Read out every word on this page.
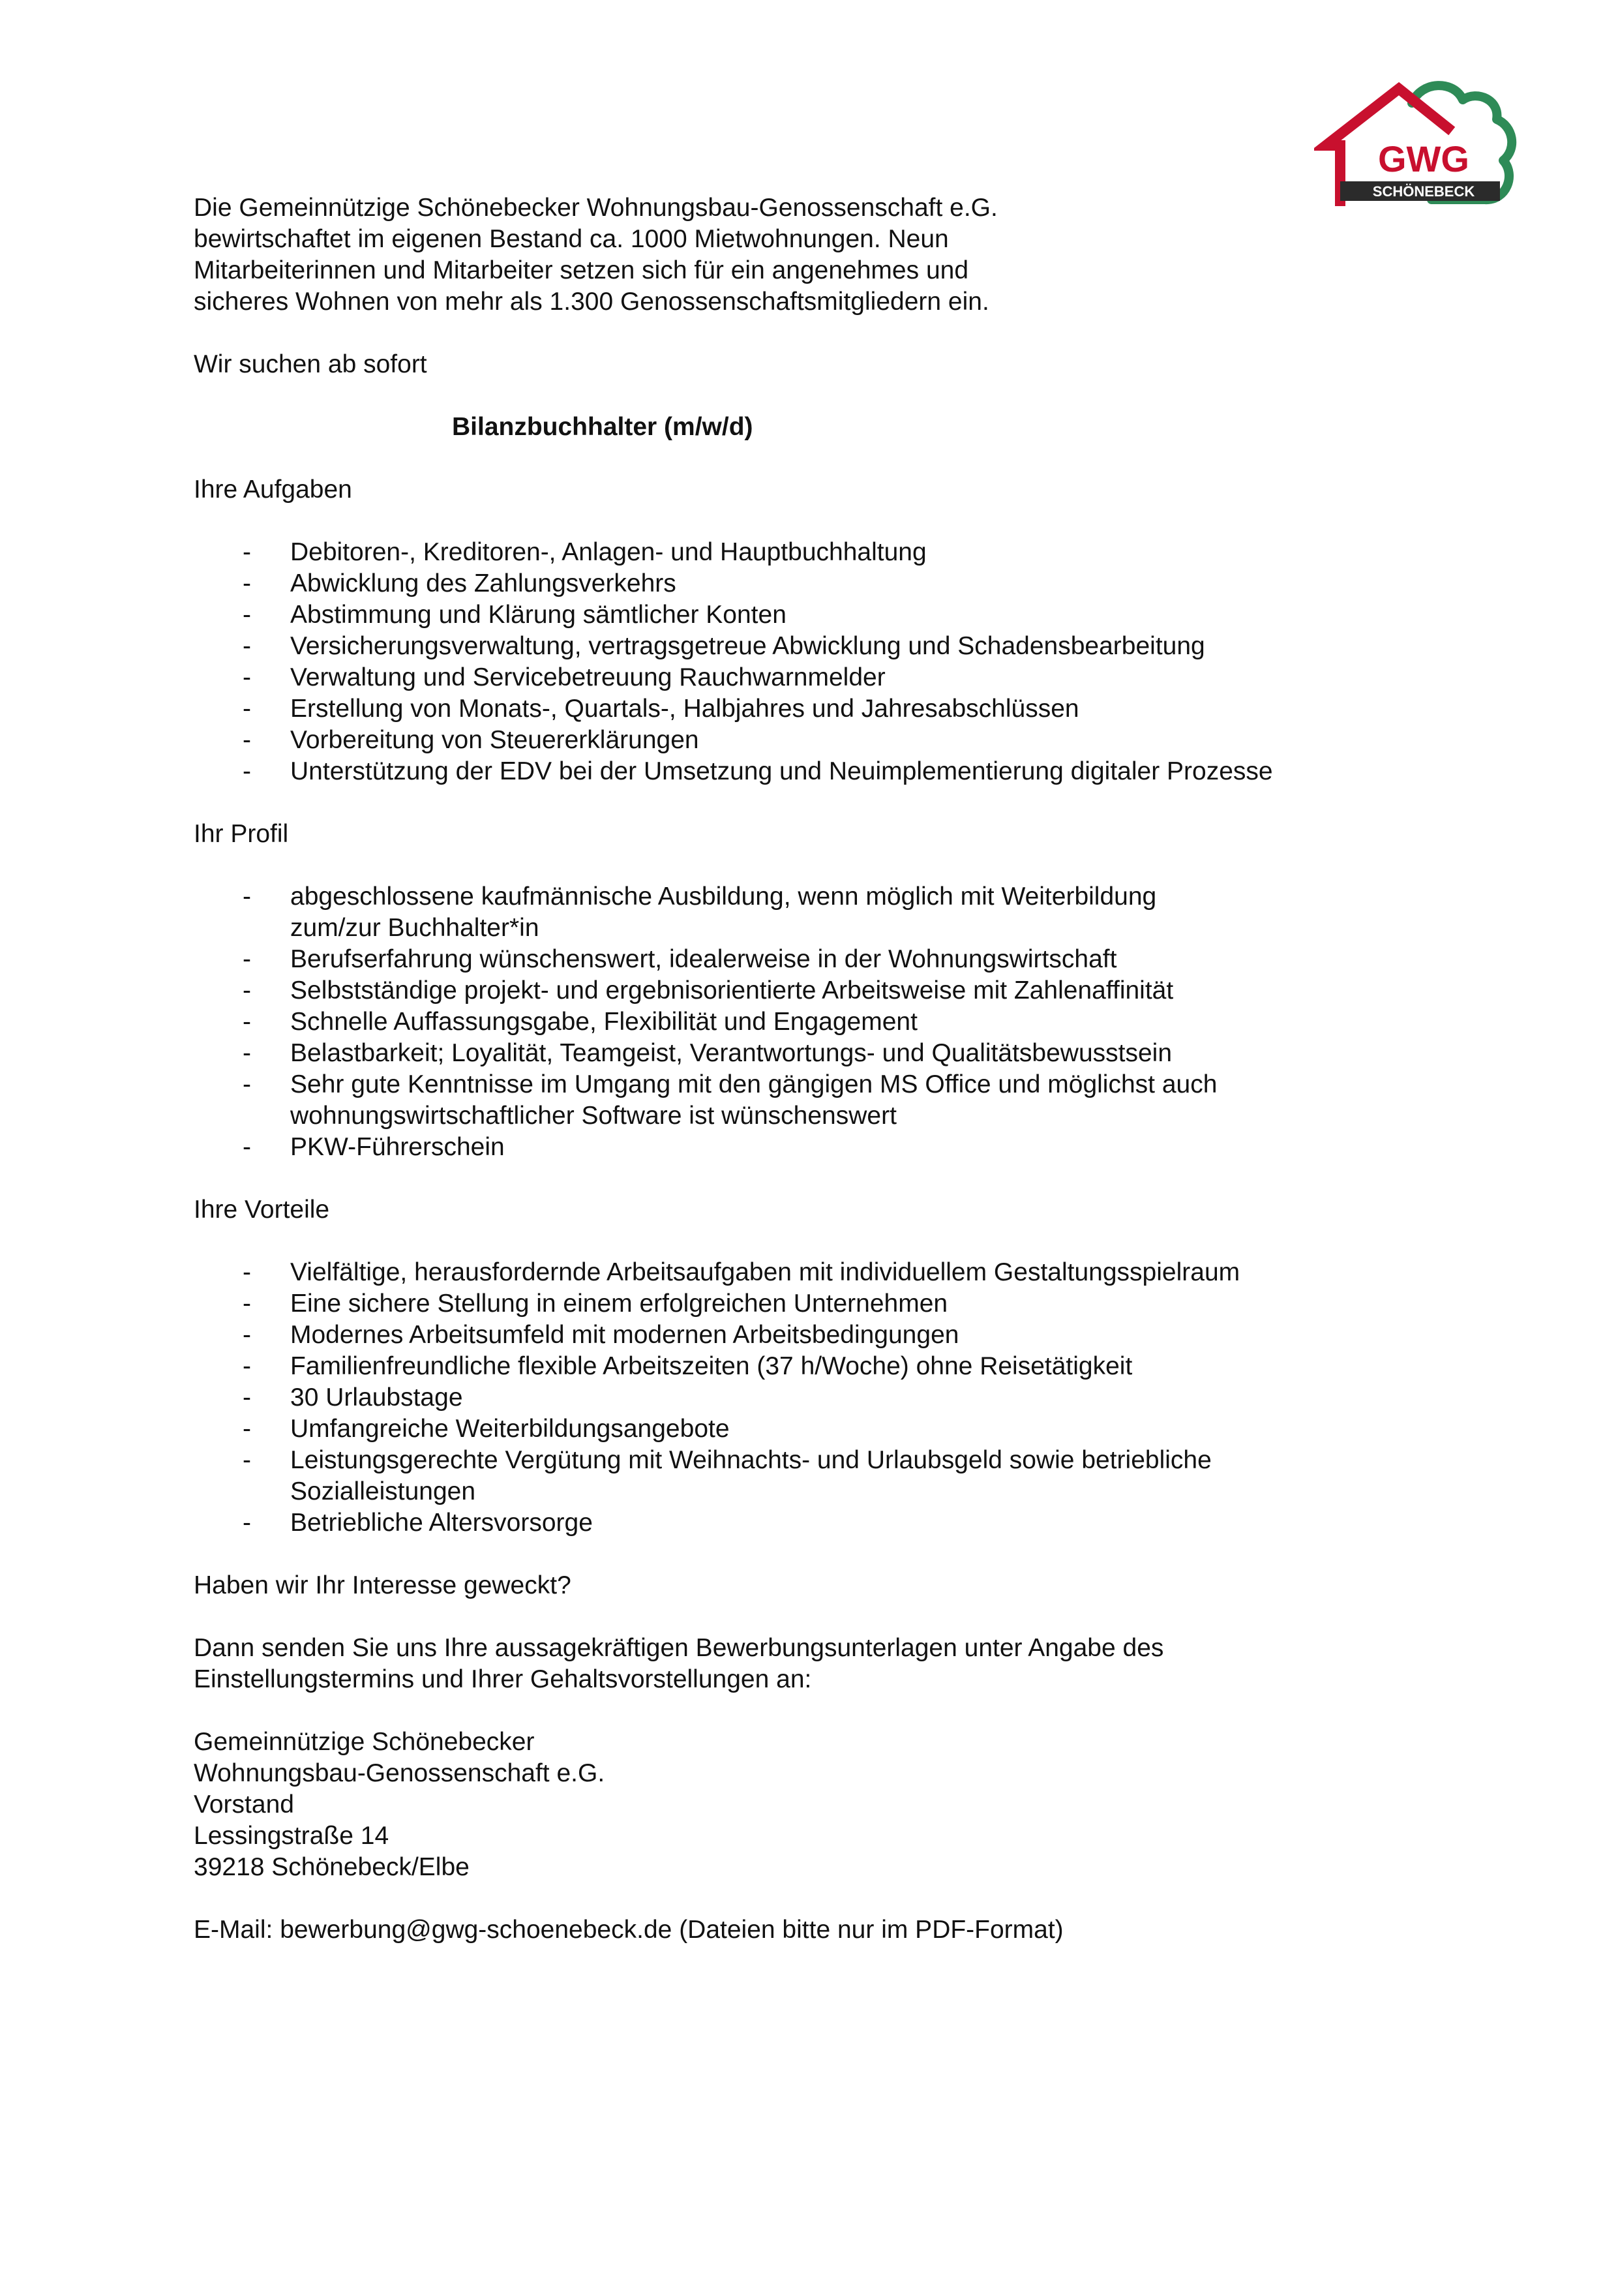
GWG
SCHÖNEBECK

Die Gemeinnützige Schönebecker Wohnungsbau-Genossenschaft e.G.
bewirtschaftet im eigenen Bestand ca. 1000 Mietwohnungen. Neun
Mitarbeiterinnen und Mitarbeiter setzen sich für ein angenehmes und
sicheres Wohnen von mehr als 1.300 Genossenschaftsmitgliedern ein.

Wir suchen ab sofort

Bilanzbuchhalter (m/w/d)

Ihre Aufgaben

- Debitoren-, Kreditoren-, Anlagen- und Hauptbuchhaltung
- Abwicklung des Zahlungsverkehrs
- Abstimmung und Klärung sämtlicher Konten
- Versicherungsverwaltung, vertragsgetreue Abwicklung und Schadensbearbeitung
- Verwaltung und Servicebetreuung Rauchwarnmelder
- Erstellung von Monats-, Quartals-, Halbjahres und Jahresabschlüssen
- Vorbereitung von Steuererklärungen
- Unterstützung der EDV bei der Umsetzung und Neuimplementierung digitaler Prozesse

Ihr Profil

- abgeschlossene kaufmännische Ausbildung, wenn möglich mit Weiterbildung
zum/zur Buchhalter*in
- Berufserfahrung wünschenswert, idealerweise in der Wohnungswirtschaft
- Selbstständige projekt- und ergebnisorientierte Arbeitsweise mit Zahlenaffinität
- Schnelle Auffassungsgabe, Flexibilität und Engagement
- Belastbarkeit; Loyalität, Teamgeist, Verantwortungs- und Qualitätsbewusstsein
- Sehr gute Kenntnisse im Umgang mit den gängigen MS Office und möglichst auch
wohnungswirtschaftlicher Software ist wünschenswert
- PKW-Führerschein

Ihre Vorteile

- Vielfältige, herausfordernde Arbeitsaufgaben mit individuellem Gestaltungsspielraum
- Eine sichere Stellung in einem erfolgreichen Unternehmen
- Modernes Arbeitsumfeld mit modernen Arbeitsbedingungen
- Familienfreundliche flexible Arbeitszeiten (37 h/Woche) ohne Reisetätigkeit
- 30 Urlaubstage
- Umfangreiche Weiterbildungsangebote
- Leistungsgerechte Vergütung mit Weihnachts- und Urlaubsgeld sowie betriebliche
Sozialleistungen
- Betriebliche Altersvorsorge

Haben wir Ihr Interesse geweckt?

Dann senden Sie uns Ihre aussagekräftigen Bewerbungsunterlagen unter Angabe des
Einstellungstermins und Ihrer Gehaltsvorstellungen an:

Gemeinnützige Schönebecker
Wohnungsbau-Genossenschaft e.G.
Vorstand
Lessingstraße 14
39218 Schönebeck/Elbe

E-Mail: bewerbung@gwg-schoenebeck.de (Dateien bitte nur im PDF-Format)
